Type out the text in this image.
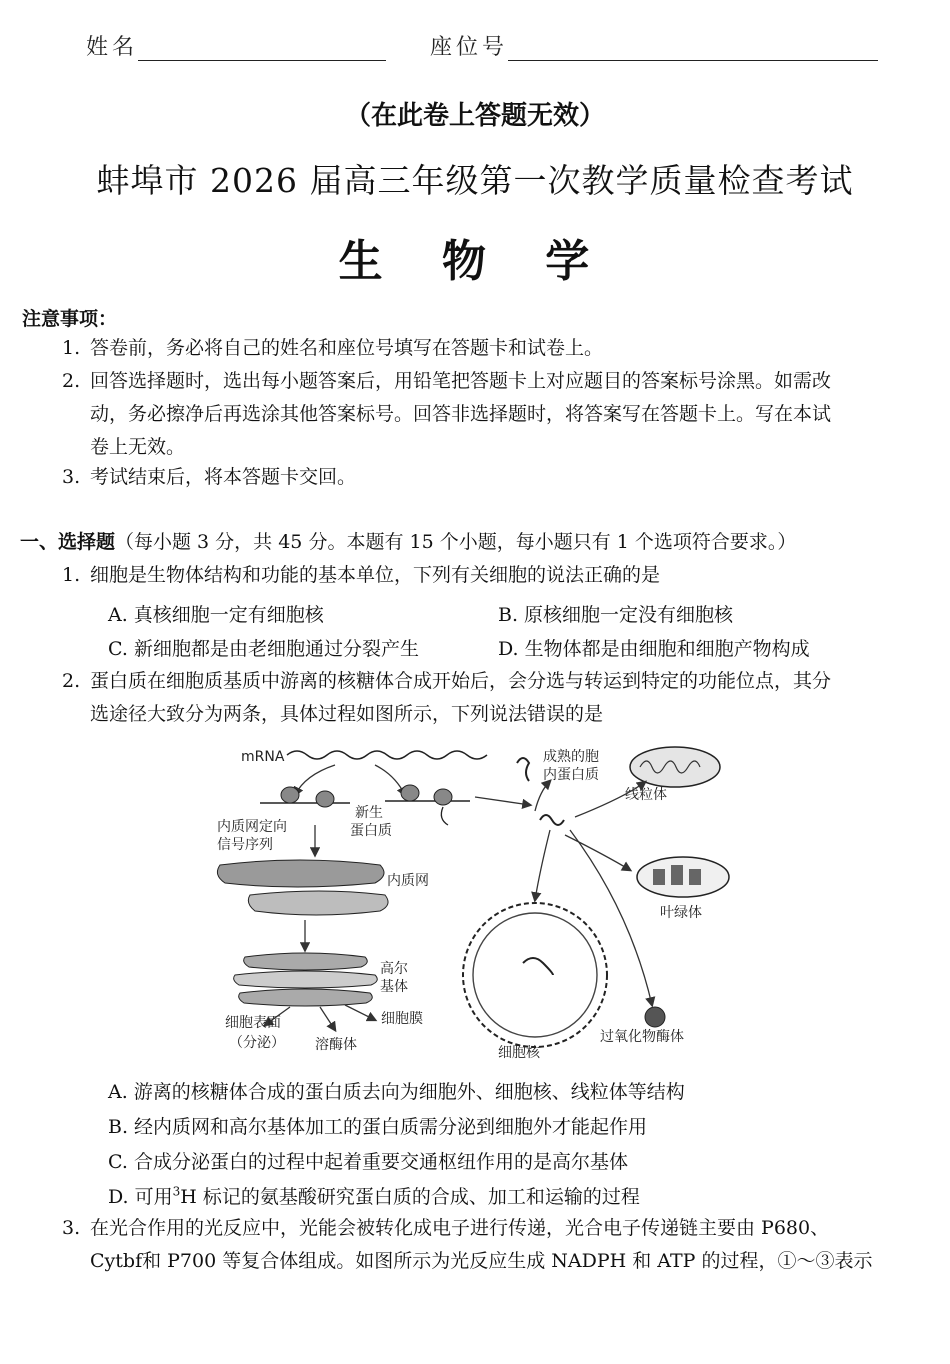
姓名	座位号
（在此卷上答题无效）
蚌埠市 2026 届高三年级第一次教学质量检查考试
生 物 学
注意事项：
1. 答卷前，务必将自己的姓名和座位号填写在答题卡和试卷上。
2. 回答选择题时，选出每小题答案后，用铅笔把答题卡上对应题目的答案标号涂黑。如需改
动，务必擦净后再选涂其他答案标号。回答非选择题时，将答案写在答题卡上。写在本试
卷上无效。
3. 考试结束后，将本答题卡交回。
一、选择题（每小题 3 分，共 45 分。本题有 15 个小题，每小题只有 1 个选项符合要求。）
1. 细胞是生物体结构和功能的基本单位，下列有关细胞的说法正确的是
A. 真核细胞一定有细胞核	B. 原核细胞一定没有细胞核
C. 新细胞都是由老细胞通过分裂产生	D. 生物体都是由细胞和细胞产物构成
2. 蛋白质在细胞质基质中游离的核糖体合成开始后，会分选与转运到特定的功能位点，其分
选途径大致分为两条，具体过程如图所示，下列说法错误的是
mRNA
新生
蛋白质
内质网定向
信号序列
内质网
高尔
基体
细胞表面
（分泌） 溶酶体
细胞膜
成熟的胞
内蛋白质
线粒体
叶绿体
细胞核
过氧化物酶体
A. 游离的核糖体合成的蛋白质去向为细胞外、细胞核、线粒体等结构
B. 经内质网和高尔基体加工的蛋白质需分泌到细胞外才能起作用
C. 合成分泌蛋白的过程中起着重要交通枢纽作用的是高尔基体
D. 可用$^3$H 标记的氨基酸研究蛋白质的合成、加工和运输的过程
3. 在光合作用的光反应中，光能会被转化成电子进行传递，光合电子传递链主要由 P680、
Cytbf和 P700 等复合体组成。如图所示为光反应生成 NADPH 和 ATP 的过程，①～③表示
